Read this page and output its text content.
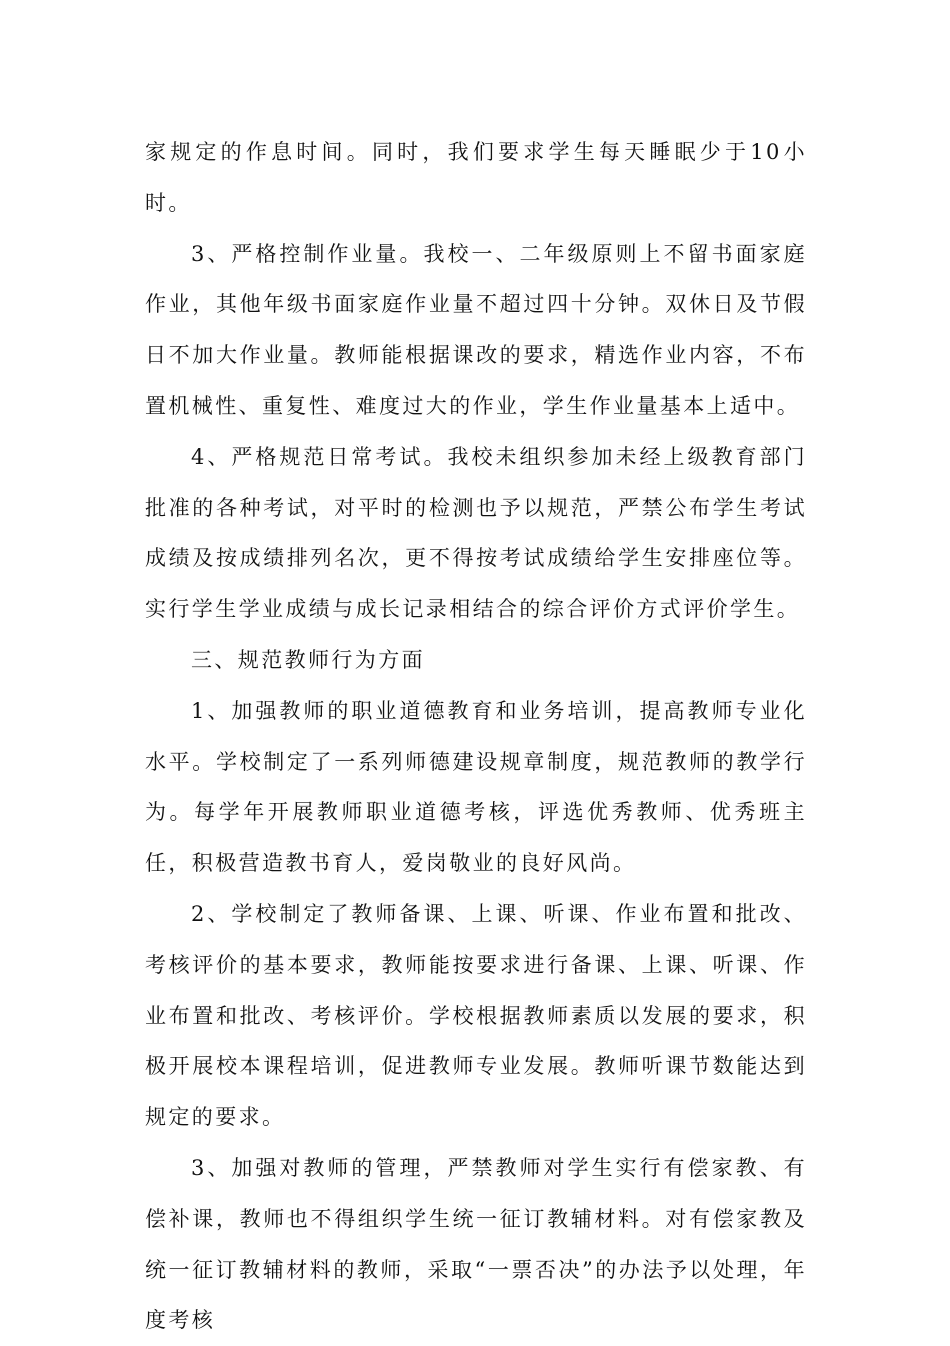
家规定的作息时间。同时，我们要求学生每天睡眠少于10小时。

3、严格控制作业量。我校一、二年级原则上不留书面家庭作业，其他年级书面家庭作业量不超过四十分钟。双休日及节假日不加大作业量。教师能根据课改的要求，精选作业内容，不布置机械性、重复性、难度过大的作业，学生作业量基本上适中。

4、严格规范日常考试。我校未组织参加未经上级教育部门批准的各种考试，对平时的检测也予以规范，严禁公布学生考试成绩及按成绩排列名次，更不得按考试成绩给学生安排座位等。实行学生学业成绩与成长记录相结合的综合评价方式评价学生。

三、规范教师行为方面

1、加强教师的职业道德教育和业务培训，提高教师专业化水平。学校制定了一系列师德建设规章制度，规范教师的教学行为。每学年开展教师职业道德考核，评选优秀教师、优秀班主任，积极营造教书育人，爱岗敬业的良好风尚。

2、学校制定了教师备课、上课、听课、作业布置和批改、考核评价的基本要求，教师能按要求进行备课、上课、听课、作业布置和批改、考核评价。学校根据教师素质以发展的要求，积极开展校本课程培训，促进教师专业发展。教师听课节数能达到规定的要求。

3、加强对教师的管理，严禁教师对学生实行有偿家教、有偿补课，教师也不得组织学生统一征订教辅材料。对有偿家教及统一征订教辅材料的教师，采取“一票否决”的办法予以处理，年度考核
